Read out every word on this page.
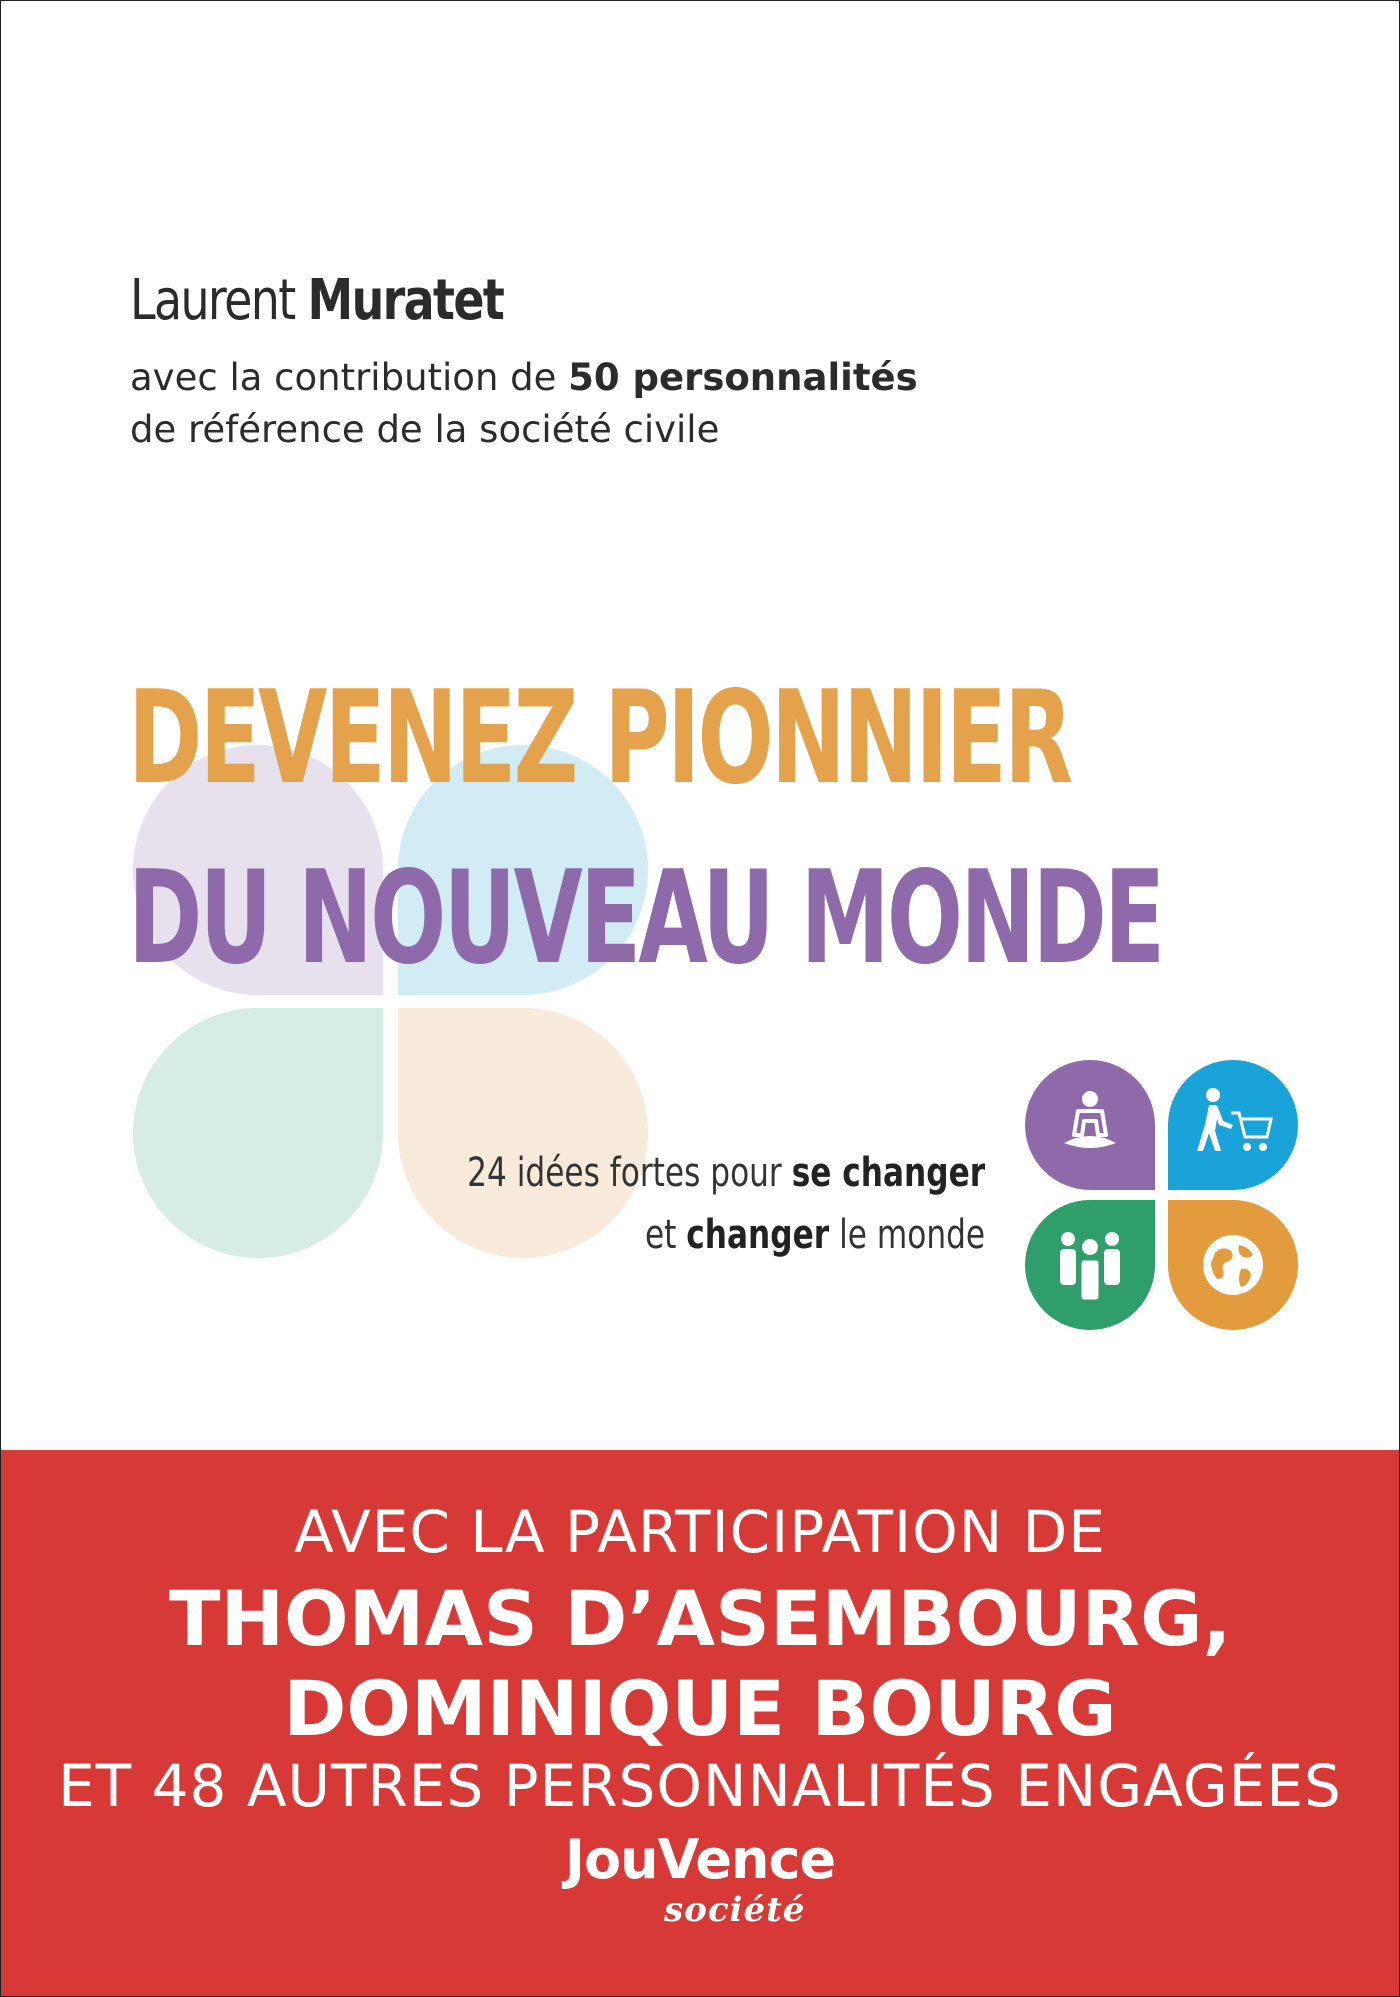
Laurent Muratet
avec la contribution de 50 personnalités
de référence de la société civile
DEVENEZ PIONNIER
DU NOUVEAU MONDE
24 idées fortes pour se changer
et changer le monde
AVEC LA PARTICIPATION DE
THOMAS D’ASEMBOURG,
DOMINIQUE BOURG
ET 48 AUTRES PERSONNALITÉS ENGAGÉES
JouVence
société
